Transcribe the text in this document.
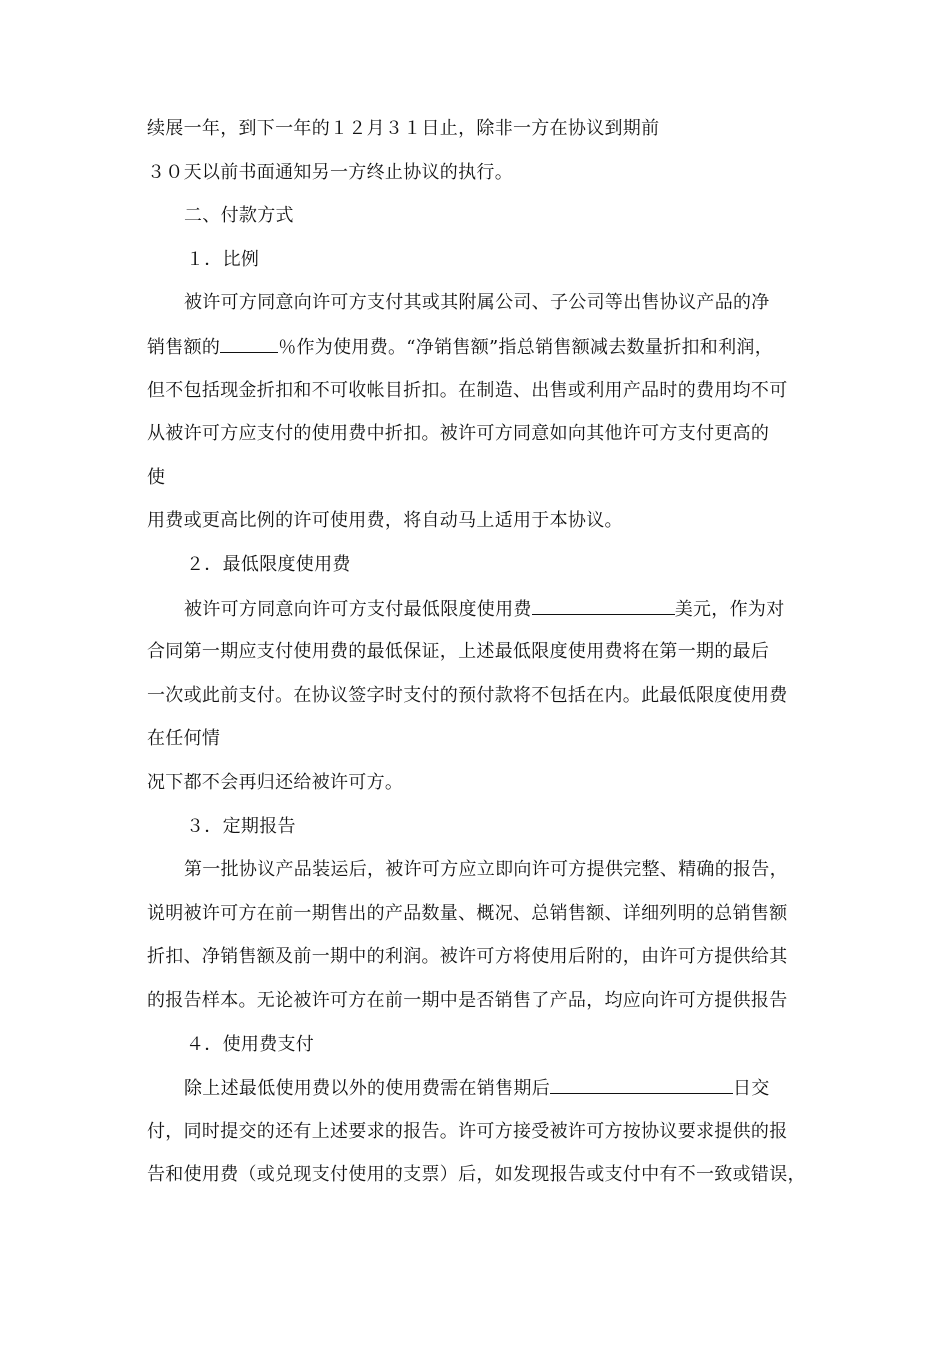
续展一年，到下一年的１２月３１日止，除非一方在协议到期前
３０天以前书面通知另一方终止协议的执行。
二、付款方式
１．比例
被许可方同意向许可方支付其或其附属公司、子公司等出售协议产品的净
销售额的	％作为使用费。“净销售额”指总销售额减去数量折扣和利润，
但不包括现金折扣和不可收帐目折扣。在制造、出售或利用产品时的费用均不可
从被许可方应支付的使用费中折扣。被许可方同意如向其他许可方支付更高的
使
用费或更高比例的许可使用费，将自动马上适用于本协议。
２．最低限度使用费
被许可方同意向许可方支付最低限度使用费	美元，作为对
合同第一期应支付使用费的最低保证，上述最低限度使用费将在第一期的最后
一次或此前支付。在协议签字时支付的预付款将不包括在内。此最低限度使用费
在任何情
况下都不会再归还给被许可方。
３．定期报告
第一批协议产品装运后，被许可方应立即向许可方提供完整、精确的报告，
说明被许可方在前一期售出的产品数量、概况、总销售额、详细列明的总销售额
折扣、净销售额及前一期中的利润。被许可方将使用后附的，由许可方提供给其
的报告样本。无论被许可方在前一期中是否销售了产品，均应向许可方提供报告
４．使用费支付
除上述最低使用费以外的使用费需在销售期后	日交
付，同时提交的还有上述要求的报告。许可方接受被许可方按协议要求提供的报
告和使用费（或兑现支付使用的支票）后，如发现报告或支付中有不一致或错误，
